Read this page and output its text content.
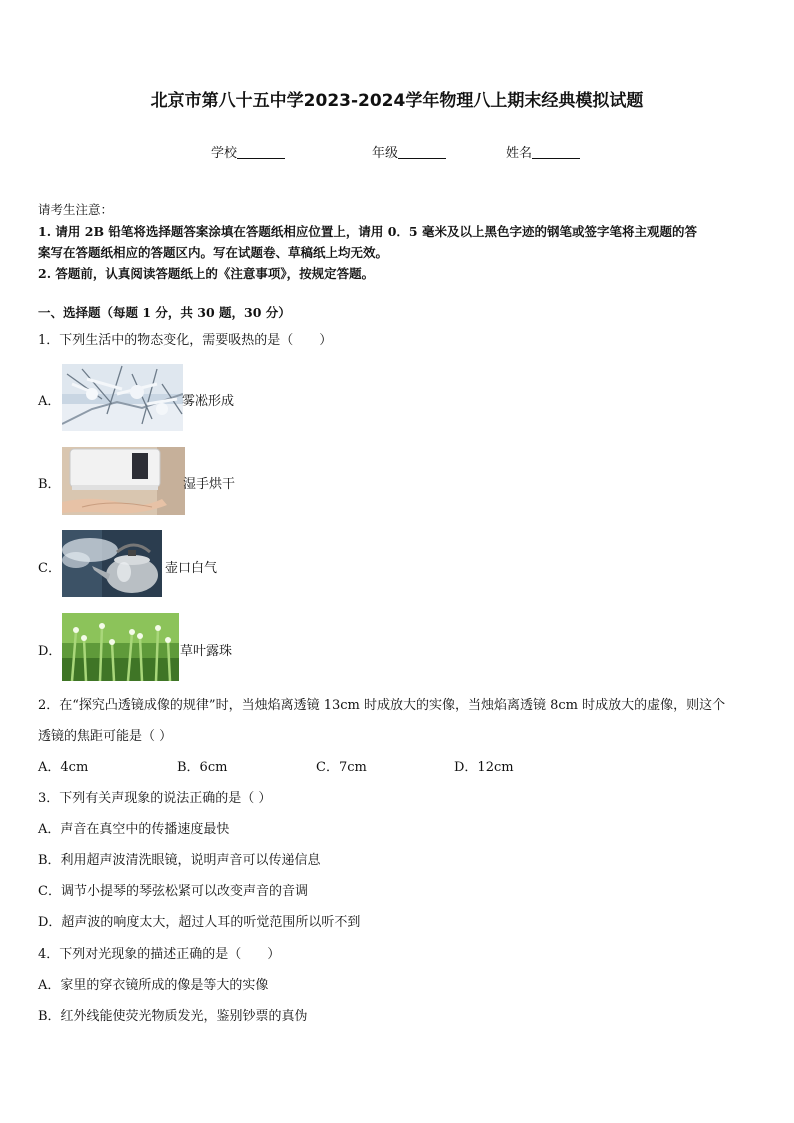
北京市第八十五中学2023-2024学年物理八上期末经典模拟试题
学校	年级	姓名
请考生注意：
1. 请用 2B 铅笔将选择题答案涂填在答题纸相应位置上，请用 0．5 毫米及以上黑色字迹的钢笔或签字笔将主观题的答
案写在答题纸相应的答题区内。写在试题卷、草稿纸上均无效。
2. 答题前，认真阅读答题纸上的《注意事项》，按规定答题。
一、选择题（每题 1 分，共 30 题，30 分）
1．下列生活中的物态变化，需要吸热的是（　　）
A．	雾凇形成
B．	湿手烘干
C．	壶口白气
D．	草叶露珠
2．在“探究凸透镜成像的规律”时，当烛焰离透镜 13cm 时成放大的实像，当烛焰离透镜 8cm 时成放大的虚像，则这个
透镜的焦距可能是（ ）
A．4cm	B．6cm	C．7cm	D．12cm
3．下列有关声现象的说法正确的是（ ）
A．声音在真空中的传播速度最快
B．利用超声波清洗眼镜，说明声音可以传递信息
C．调节小提琴的琴弦松紧可以改变声音的音调
D．超声波的响度太大，超过人耳的听觉范围所以听不到
4．下列对光现象的描述正确的是（　　）
A．家里的穿衣镜所成的像是等大的实像
B．红外线能使荧光物质发光，鉴别钞票的真伪
